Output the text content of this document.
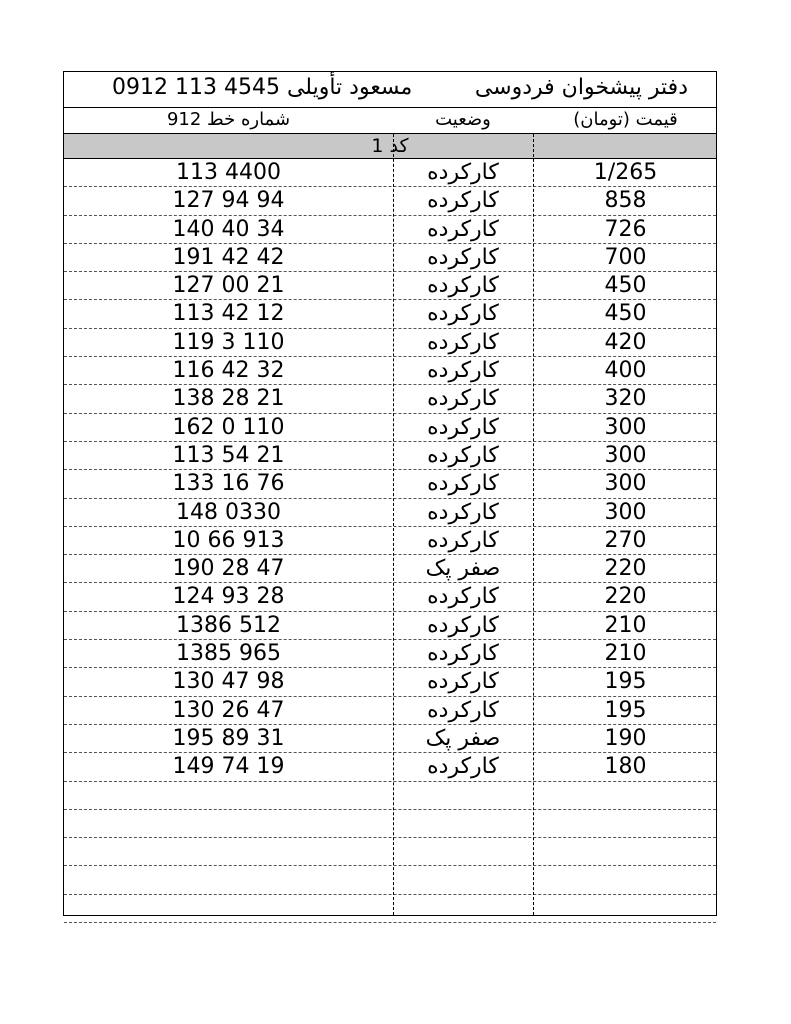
0912 113 4545 مسعود تأویلی	دفتر پیشخوان فردوسی
شماره خط 912	وضعیت	قیمت (تومان)
کد 1
113 4400	کارکرده	1/265
127 94 94	کارکرده	858
140 40 34	کارکرده	726
191 42 42	کارکرده	700
127 00 21	کارکرده	450
113 42 12	کارکرده	450
119 3 110	کارکرده	420
116 42 32	کارکرده	400
138 28 21	کارکرده	320
162 0 110	کارکرده	300
113 54 21	کارکرده	300
133 16 76	کارکرده	300
148 0330	کارکرده	300
10 66 913	کارکرده	270
190 28 47	صفر پک	220
124 93 28	کارکرده	220
1386 512	کارکرده	210
1385 965	کارکرده	210
130 47 98	کارکرده	195
130 26 47	کارکرده	195
195 89 31	صفر پک	190
149 74 19	کارکرده	180
